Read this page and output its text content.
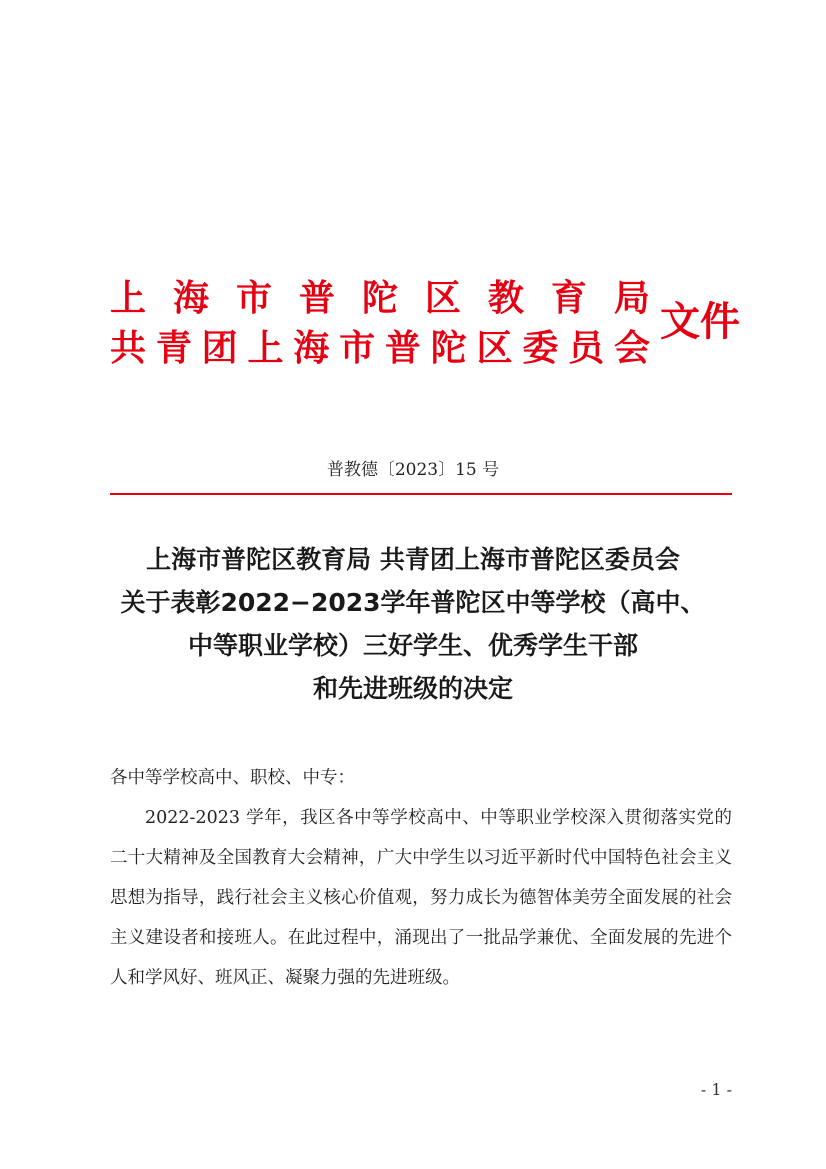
上 海 市 普 陀 区 教 育 局
共 青 团 上 海 市 普 陀 区 委 员 会
文件
普教德〔2023〕15 号
上海市普陀区教育局 共青团上海市普陀区委员会
关于表彰2022−2023学年普陀区中等学校（高中、
中等职业学校）三好学生、优秀学生干部
和先进班级的决定
各中等学校高中、职校、中专：

2022-2023 学年，我区各中等学校高中、中等职业学校深入贯彻落实党的二十大精神及全国教育大会精神，广大中学生以习近平新时代中国特色社会主义思想为指导，践行社会主义核心价值观，努力成长为德智体美劳全面发展的社会主义建设者和接班人。在此过程中，涌现出了一批品学兼优、全面发展的先进个人和学风好、班风正、凝聚力强的先进班级。

- 1 -
